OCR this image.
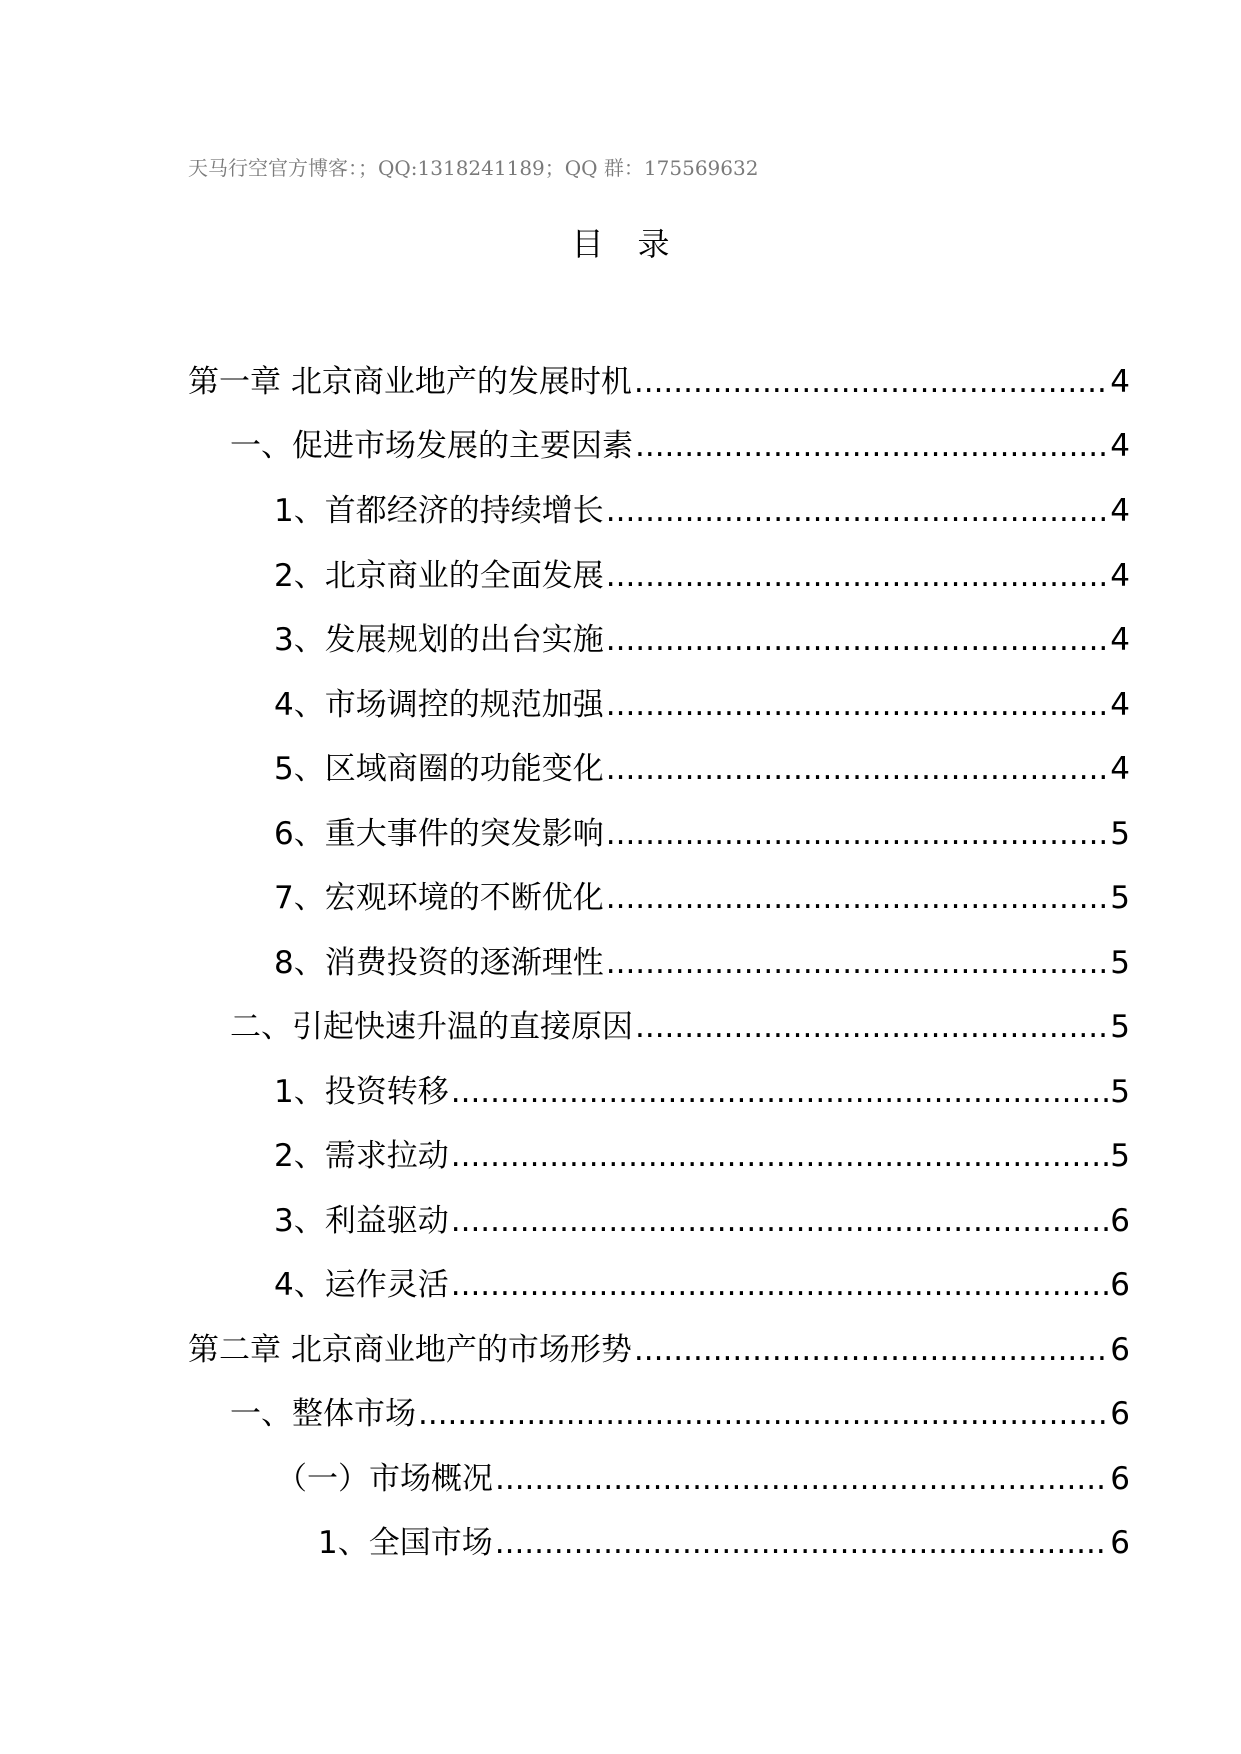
天马行空官方博客：；QQ:1318241189；QQ 群：175569632
目录
第一章 北京商业地产的发展时机 .....	4
一、促进市场发展的主要因素 .....	4
1、首都经济的持续增长 .....	4
2、北京商业的全面发展 .....	4
3、发展规划的出台实施 .....	4
4、市场调控的规范加强 .....	4
5、区域商圈的功能变化 .....	4
6、重大事件的突发影响 .....	5
7、宏观环境的不断优化 .....	5
8、消费投资的逐渐理性 .....	5
二、引起快速升温的直接原因 .....	5
1、投资转移 .....	5
2、需求拉动 .....	5
3、利益驱动 .....	6
4、运作灵活 .....	6
第二章 北京商业地产的市场形势 .....	6
一、整体市场 .....	6
（一）市场概况 .....	6
1、全国市场 .....	6
